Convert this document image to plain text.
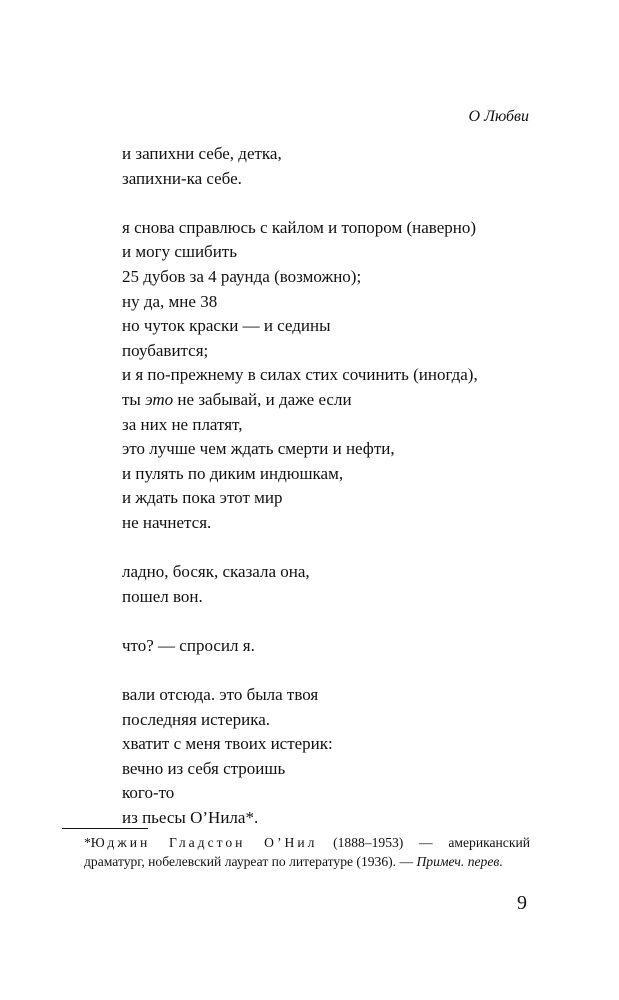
О Любви
и запихни себе, детка,
запихни-ка себе.
я снова справлюсь с кайлом и топором (наверно)
и могу сшибить
25 дубов за 4 раунда (возможно);
ну да, мне 38
но чуток краски — и седины
поубавится;
и я по-прежнему в силах стих сочинить (иногда),
ты это не забывай, и даже если
за них не платят,
это лучше чем ждать смерти и нефти,
и пулять по диким индюшкам,
и ждать пока этот мир
не начнется.
ладно, босяк, сказала она,
пошел вон.
что? — спросил я.
вали отсюда. это была твоя
последняя истерика.
хватит с меня твоих истерик:
вечно из себя строишь
кого-то
из пьесы О’Нила*.
*Юджин Гладстон О’Нил (1888–1953) — американский драматург, нобелевский лауреат по литературе (1936). — Примеч. перев.
9
